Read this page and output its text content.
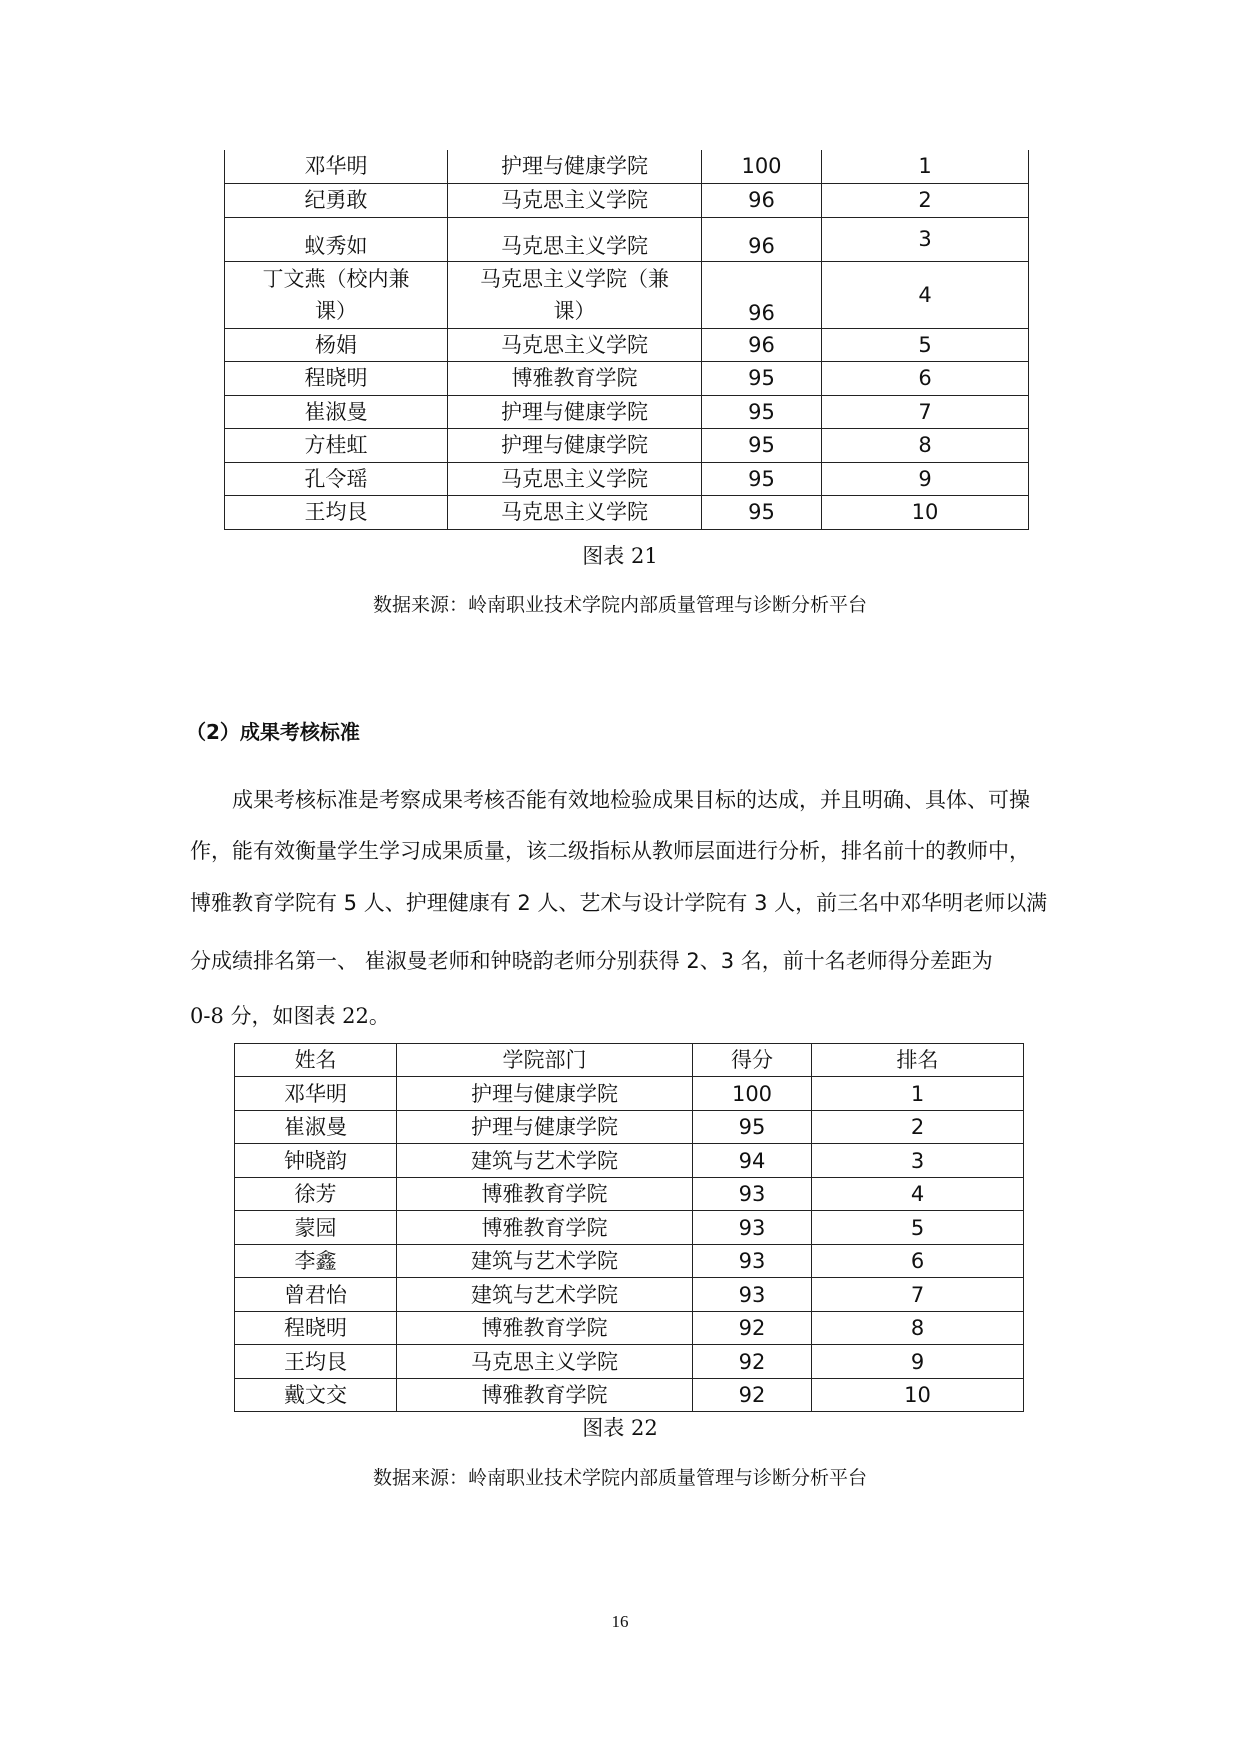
邓华明	护理与健康学院	100	1
纪勇敢	马克思主义学院	96	2
蚁秀如	马克思主义学院	96	3
丁文燕（校内兼课）	马克思主义学院（兼课）	96	4
杨娟	马克思主义学院	96	5
程晓明	博雅教育学院	95	6
崔淑曼	护理与健康学院	95	7
方桂虹	护理与健康学院	95	8
孔令瑶	马克思主义学院	95	9
王均艮	马克思主义学院	95	10
图表 21
数据来源：岭南职业技术学院内部质量管理与诊断分析平台
（2）成果考核标准
成果考核标准是考察成果考核否能有效地检验成果目标的达成，并且明确、具体、可操
作，能有效衡量学生学习成果质量，该二级指标从教师层面进行分析，排名前十的教师中，
博雅教育学院有 5 人、护理健康有 2 人、艺术与设计学院有 3 人，前三名中邓华明老师以满
分成绩排名第一、 崔淑曼老师和钟晓韵老师分别获得 2、3 名，前十名老师得分差距为
0-8 分，如图表 22。
姓名	学院部门	得分	排名
邓华明	护理与健康学院	100	1
崔淑曼	护理与健康学院	95	2
钟晓韵	建筑与艺术学院	94	3
徐芳	博雅教育学院	93	4
蒙园	博雅教育学院	93	5
李鑫	建筑与艺术学院	93	6
曾君怡	建筑与艺术学院	93	7
程晓明	博雅教育学院	92	8
王均艮	马克思主义学院	92	9
戴文交	博雅教育学院	92	10
图表 22
数据来源：岭南职业技术学院内部质量管理与诊断分析平台
16
